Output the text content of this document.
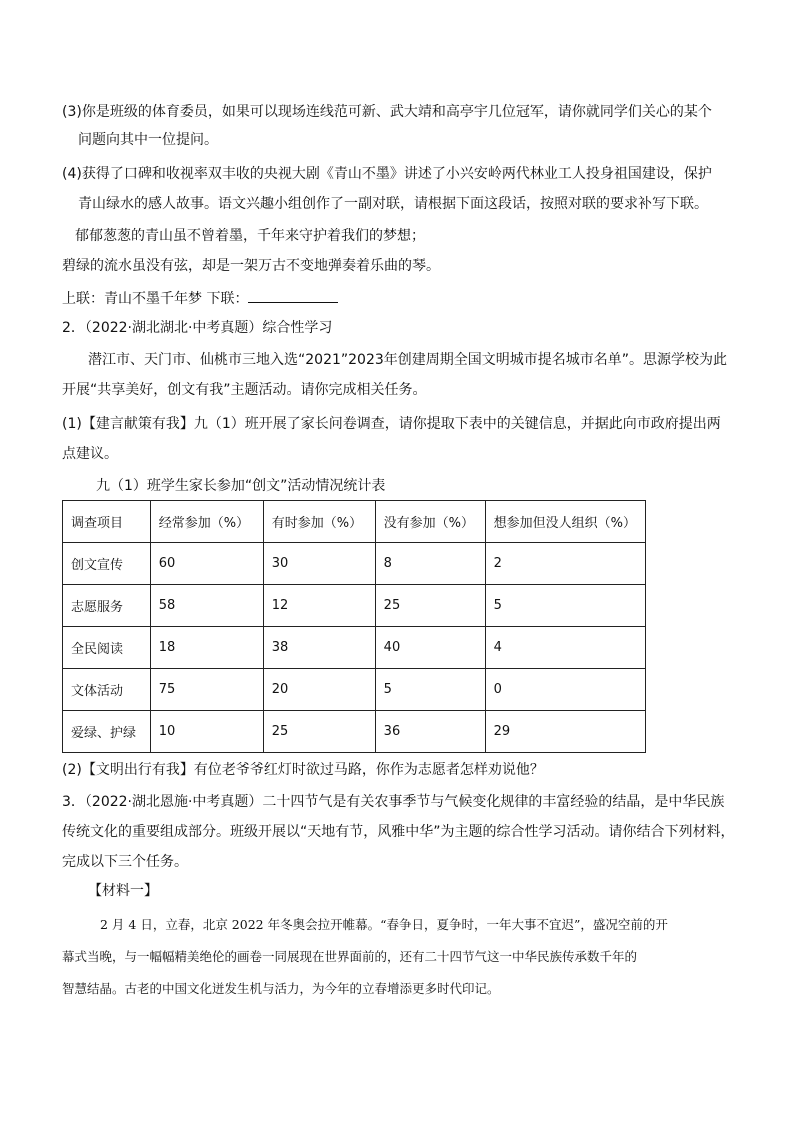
(3)你是班级的体育委员，如果可以现场连线范可新、武大靖和高亭宇几位冠军，请你就同学们关心的某个
问题向其中一位提问。
(4)获得了口碑和收视率双丰收的央视大剧《青山不墨》讲述了小兴安岭两代林业工人投身祖国建设，保护
青山绿水的感人故事。语文兴趣小组创作了一副对联，请根据下面这段话，按照对联的要求补写下联。
郁郁葱葱的青山虽不曾着墨，千年来守护着我们的梦想；
碧绿的流水虽没有弦，却是一架万古不变地弹奏着乐曲的琴。
上联：青山不墨千年梦 下联：
2．（2022·湖北湖北·中考真题）综合性学习
潜江市、天门市、仙桃市三地入选“2021”2023年创建周期全国文明城市提名城市名单”。思源学校为此
开展“共享美好，创文有我”主题活动。请你完成相关任务。
(1)【建言献策有我】九（1）班开展了家长问卷调查，请你提取下表中的关键信息，并据此向市政府提出两
点建议。
九（1）班学生家长参加“创文”活动情况统计表
调查项目	经常参加（%）	有时参加（%）	没有参加（%）	想参加但没人组织（%）
创文宣传	60	30	8	2
志愿服务	58	12	25	5
全民阅读	18	38	40	4
文体活动	75	20	5	0
爱绿、护绿	10	25	36	29
(2)【文明出行有我】有位老爷爷红灯时欲过马路，你作为志愿者怎样劝说他？
3．（2022·湖北恩施·中考真题）二十四节气是有关农事季节与气候变化规律的丰富经验的结晶，是中华民族
传统文化的重要组成部分。班级开展以“天地有节，风雅中华”为主题的综合性学习活动。请你结合下列材料，
完成以下三个任务。
【材料一】
2 月 4 日，立春，北京 2022 年冬奥会拉开帷幕。“春争日，夏争时，一年大事不宜迟”，盛况空前的开
幕式当晚，与一幅幅精美绝伦的画卷一同展现在世界面前的，还有二十四节气这一中华民族传承数千年的
智慧结晶。古老的中国文化迸发生机与活力，为今年的立春增添更多时代印记。
